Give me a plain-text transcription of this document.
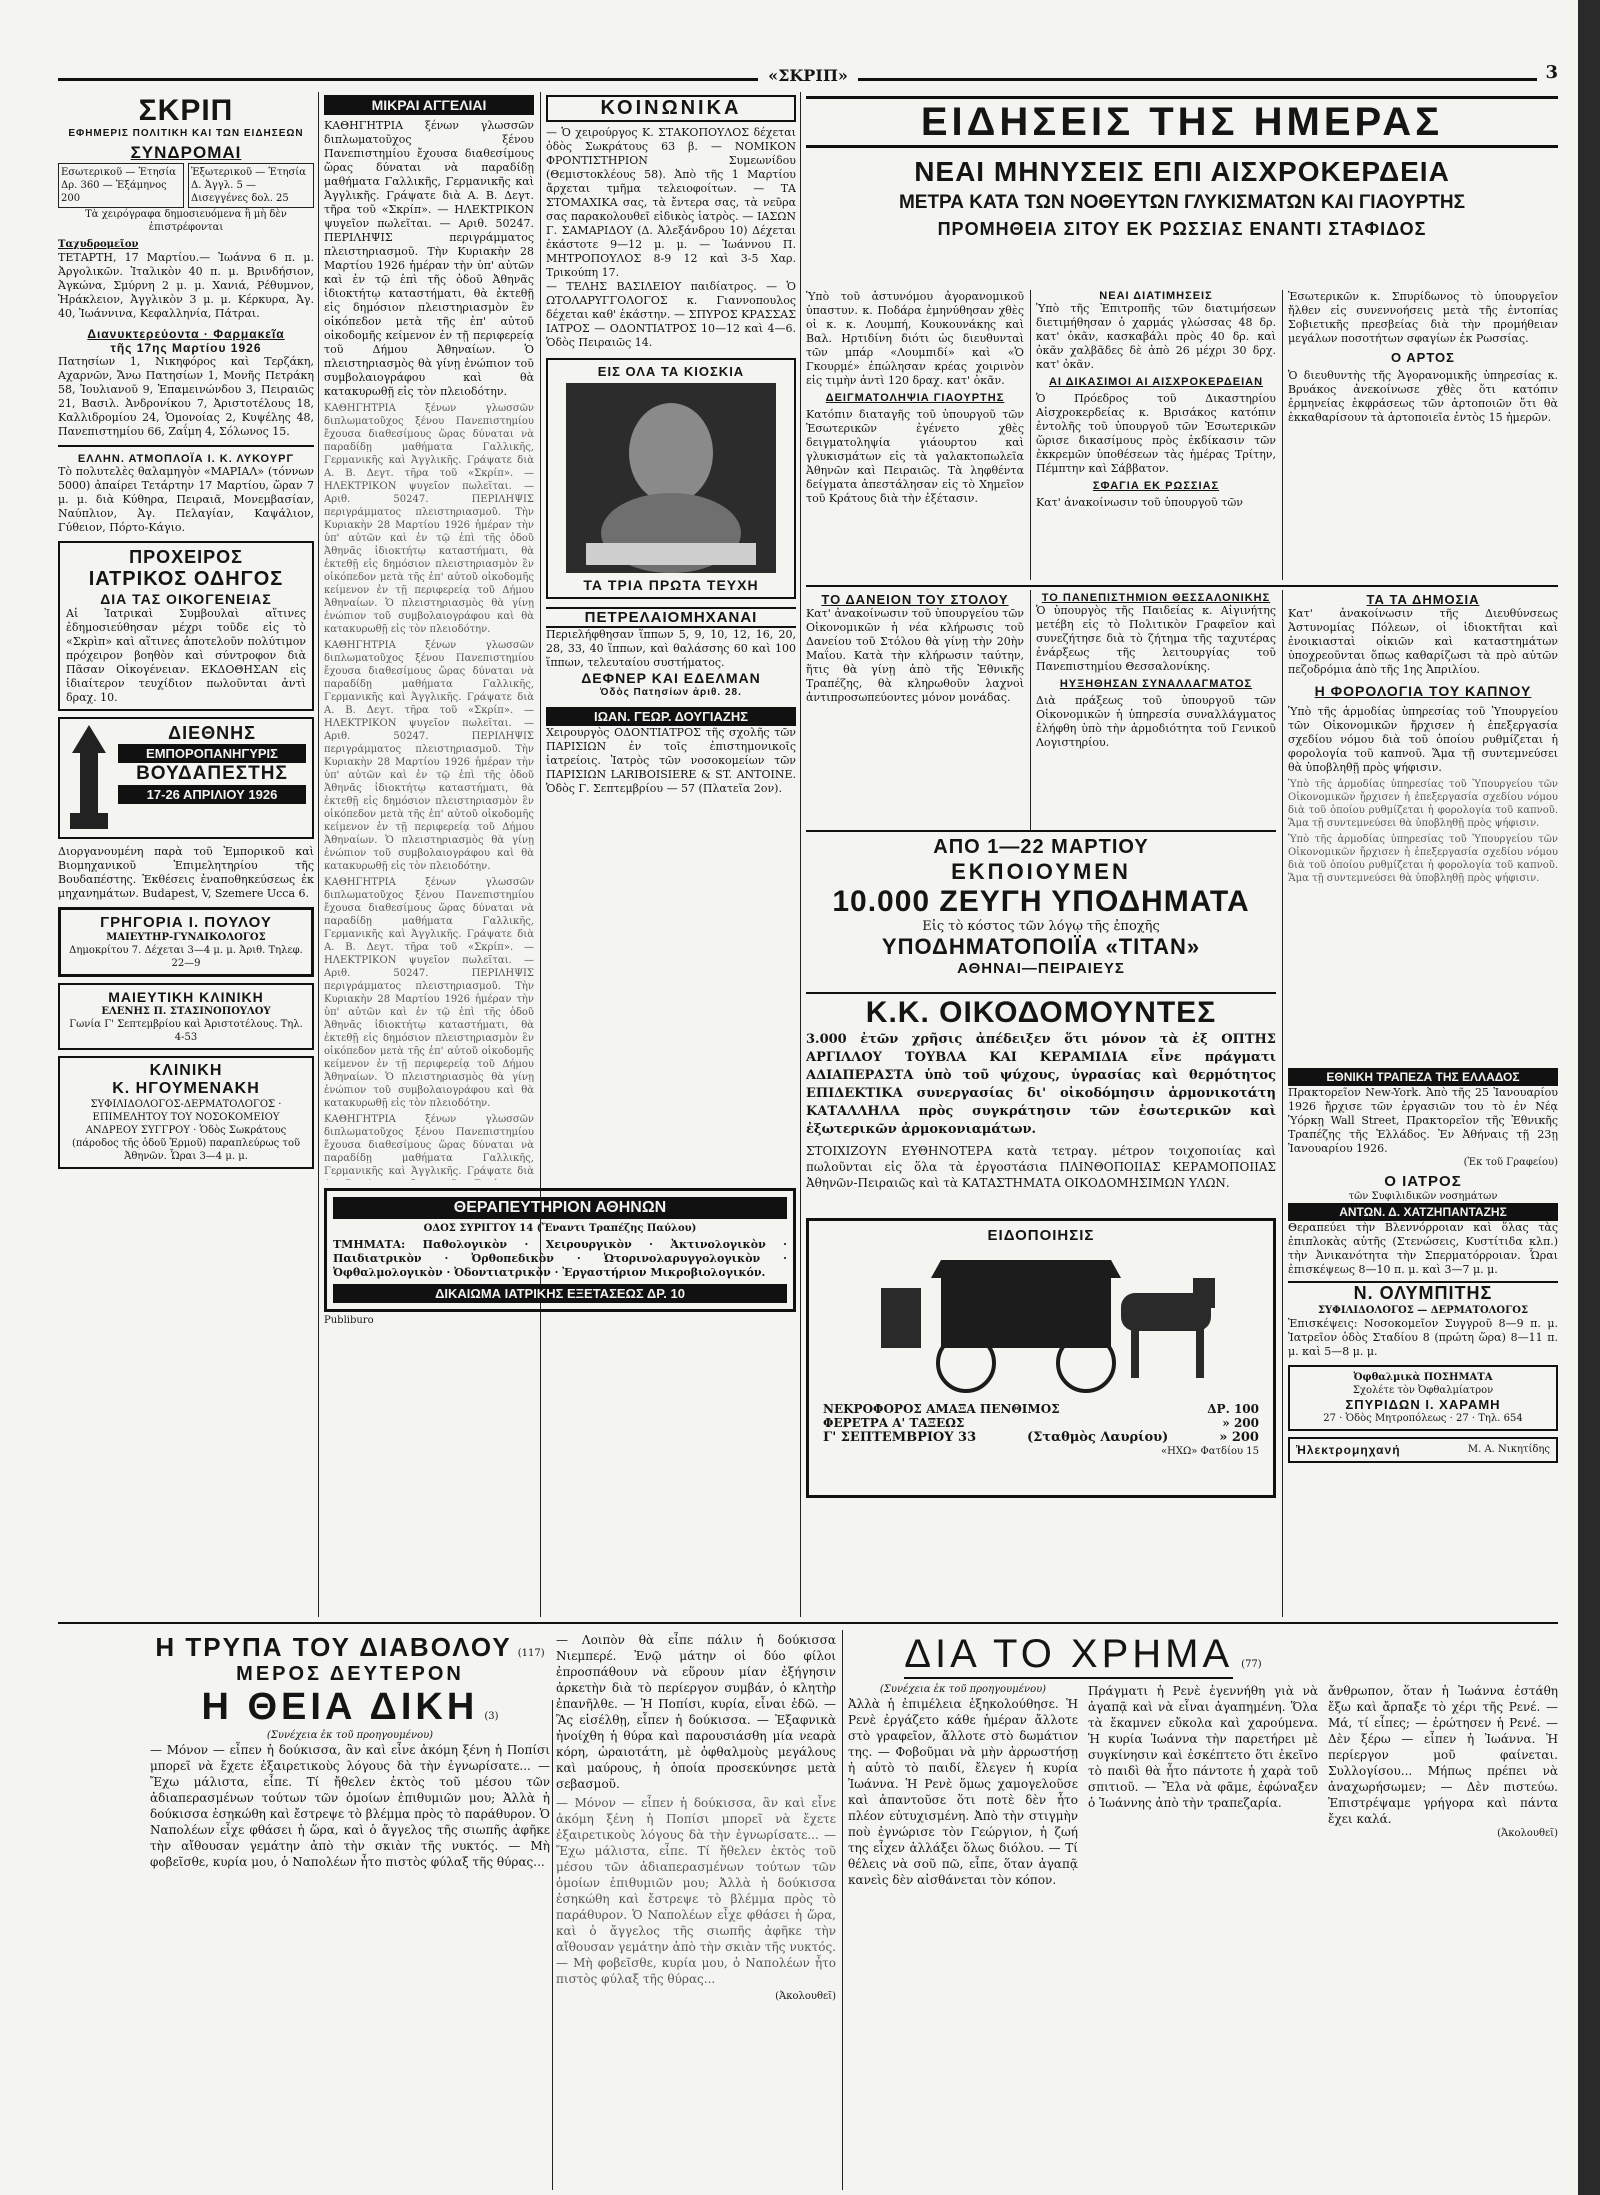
«ΣΚΡΙΠ»	3
ΣΚΡΙΠ
ΕΦΗΜΕΡΙΣ ΠΟΛΙΤΙΚΗ ΚΑΙ ΤΩΝ ΕΙΔΗΣΕΩΝ
ΣΥΝΔΡΟΜΑΙ
Εσωτερικοῦ — Ἐτησία Δρ. 360 — Ἑξάμηνος 200
Ἐξωτερικοῦ — Ἐτησία Δ. Ἀγγλ. 5 — Δισεγγένες δολ. 25
Τὰ χειρόγραφα δημοσιευόμενα ἢ μὴ δὲν ἐπιστρέφονται
Ταχυδρομεῖον
ΤΕΤΑΡΤΗ, 17 Μαρτίου.— Ἰωάννα 6 π. μ. Ἀργολικῶν. Ἰταλικὸν 40 π. μ. Βρινδήσιον, Ἀγκώνα, Σμύρνη 2 μ. μ. Χανιά, Ρέθυμνον, Ἡράκλειον, Ἀγγλικὸν 3 μ. μ. Κέρκυρα, Ἀγ. 40, Ἰωάννινα, Κεφαλληνία, Πάτραι.
Διανυκτερεύοντα · Φαρμακεῖα
τῆς 17ης Μαρτίου 1926
Πατησίων 1, Νικηφόρος καὶ Τερζάκη, Αχαρνῶν, Ἄνω Πατησίων 1, Μονῆς Πετράκη 58, Ἰουλιανοῦ 9, Ἐπαμεινώνδου 3, Πειραιῶς 21, Βασιλ. Ἀνδρονίκου 7, Ἀριστοτέλους 18, Καλλιδρομίου 24, Ὁμονοίας 2, Κυψέλης 48, Πανεπιστημίου 66, Ζαΐμη 4, Σόλωνος 15.
ΕΛΛΗΝ. ΑΤΜΟΠΛΟΪΑ Ι. Κ. ΛΥΚΟΥΡΓ
Τὸ πολυτελὲς θαλαμηγὸν «ΜΑΡΙΑΛ» (τόννων 5000) ἀπαίρει Τετάρτην 17 Μαρτίου, ὥραν 7 μ. μ. διὰ Κύθηρα, Πειραιᾶ, Μονεμβασίαν, Ναύπλιον, Ἀγ. Πελαγίαν, Καψάλιον, Γύθειον, Πόρτο-Κάγιο.
ΠΡΟΧΕΙΡΟΣ
ΙΑΤΡΙΚΟΣ ΟΔΗΓΟΣ
ΔΙΑ ΤΑΣ ΟΙΚΟΓΕΝΕΙΑΣ
Αἱ Ἰατρικαὶ Συμβουλαὶ αἵτινες ἐδημοσιεύθησαν μέχρι τοῦδε εἰς τὸ «Σκρὶπ» καὶ αἵτινες ἀποτελοῦν πολύτιμον πρόχειρον βοηθὸν καὶ σύντροφον διὰ Πᾶσαν Οἰκογένειαν. ΕΚΔΟΘΗΣΑΝ εἰς ἰδιαίτερον τευχίδιον πωλοῦνται ἀντὶ δραχ. 10.
ΔΙΕΘΝΗΣ
ΕΜΠΟΡΟΠΑΝΗΓΥΡΙΣ
ΒΟΥΔΑΠΕΣΤΗΣ
17-26 ΑΠΡΙΛΙΟΥ 1926
Διοργανουμένη παρὰ τοῦ Ἐμπορικοῦ καὶ Βιομηχανικοῦ Ἐπιμελητηρίου τῆς Βουδαπέστης. Ἐκθέσεις ἐναποθηκεύσεως ἐκ μηχανημάτων. Budapest, V, Szemere Ucca 6.
ΓΡΗΓΟΡΙΑ Ι. ΠΟΥΛΟΥ
ΜΑΙΕΥΤΗΡ-ΓΥΝΑΙΚΟΛΟΓΟΣ
Δημοκρίτου 7. Δέχεται 3—4 μ. μ. Ἀριθ. Τηλεφ. 22—9
ΜΑΙΕΥΤΙΚΗ ΚΛΙΝΙΚΗ
ΕΛΕΝΗΣ Π. ΣΤΑΣΙΝΟΠΟΥΛΟΥ
Γωνία Γ' Σεπτεμβρίου καὶ Ἀριστοτέλους. Τηλ. 4-53
ΚΛΙΝΙΚΗ
Κ. ΗΓΟΥΜΕΝΑΚΗ
ΣΥΦΙΛΙΔΟΛΟΓΟΣ-ΔΕΡΜΑΤΟΛΟΓΟΣ · ΕΠΙΜΕΛΗΤΟΥ ΤΟΥ ΝΟΣΟΚΟΜΕΙΟΥ ΑΝΔΡΕΟΥ ΣΥΓΓΡΟΥ · Ὁδὸς Σωκράτους (πάροδος τῆς ὁδοῦ Ἑρμοῦ) παραπλεύρως τοῦ Ἀθηνῶν. Ὧραι 3—4 μ. μ.
ΜΙΚΡΑΙ ΑΓΓΕΛΙΑΙ
ΚΑΘΗΓΗΤΡΙΑ ξένων γλωσσῶν διπλωματοῦχος ξένου Πανεπιστημίου ἔχουσα διαθεσίμους ὥρας δύναται νὰ παραδίδῃ μαθήματα Γαλλικῆς, Γερμανικῆς καὶ Ἀγγλικῆς. Γράψατε διὰ Α. Β. Δεγτ. τῆρα τοῦ «Σκρίπ». — ΗΛΕΚΤΡΙΚΟΝ ψυγεῖον πωλεῖται. — Αριθ. 50247. ΠΕΡΙΛΗΨΙΣ περιγράμματος πλειστηριασμοῦ. Τὴν Κυριακὴν 28 Μαρτίου 1926 ἡμέραν τὴν ὑπ' αὐτῶν καὶ ἐν τῷ ἐπὶ τῆς ὁδοῦ Ἀθηνᾶς ἰδιοκτήτῳ καταστήματι, θὰ ἐκτεθῇ εἰς δημόσιον πλειστηριασμὸν ἓν οἰκόπεδον μετὰ τῆς ἐπ' αὐτοῦ οἰκοδομῆς κείμενον ἐν τῇ περιφερείᾳ τοῦ Δήμου Ἀθηναίων. Ὁ πλειστηριασμὸς θὰ γίνῃ ἐνώπιον τοῦ συμβολαιογράφου καὶ θὰ κατακυρωθῇ εἰς τὸν πλειοδότην.

ΚΑΘΗΓΗΤΡΙΑ ξένων γλωσσῶν διπλωματοῦχος ξένου Πανεπιστημίου ἔχουσα διαθεσίμους ὥρας δύναται νὰ παραδίδῃ μαθήματα Γαλλικῆς, Γερμανικῆς καὶ Ἀγγλικῆς. Γράψατε διὰ Α. Β. Δεγτ. τῆρα τοῦ «Σκρίπ». — ΗΛΕΚΤΡΙΚΟΝ ψυγεῖον πωλεῖται. — Αριθ. 50247. ΠΕΡΙΛΗΨΙΣ περιγράμματος πλειστηριασμοῦ. Τὴν Κυριακὴν 28 Μαρτίου 1926 ἡμέραν τὴν ὑπ' αὐτῶν καὶ ἐν τῷ ἐπὶ τῆς ὁδοῦ Ἀθηνᾶς ἰδιοκτήτῳ καταστήματι, θὰ ἐκτεθῇ εἰς δημόσιον πλειστηριασμὸν ἓν οἰκόπεδον μετὰ τῆς ἐπ' αὐτοῦ οἰκοδομῆς κείμενον ἐν τῇ περιφερείᾳ τοῦ Δήμου Ἀθηναίων. Ὁ πλειστηριασμὸς θὰ γίνῃ ἐνώπιον τοῦ συμβολαιογράφου καὶ θὰ κατακυρωθῇ εἰς τὸν πλειοδότην.

ΚΑΘΗΓΗΤΡΙΑ ξένων γλωσσῶν διπλωματοῦχος ξένου Πανεπιστημίου ἔχουσα διαθεσίμους ὥρας δύναται νὰ παραδίδῃ μαθήματα Γαλλικῆς, Γερμανικῆς καὶ Ἀγγλικῆς. Γράψατε διὰ Α. Β. Δεγτ. τῆρα τοῦ «Σκρίπ». — ΗΛΕΚΤΡΙΚΟΝ ψυγεῖον πωλεῖται. — Αριθ. 50247. ΠΕΡΙΛΗΨΙΣ περιγράμματος πλειστηριασμοῦ. Τὴν Κυριακὴν 28 Μαρτίου 1926 ἡμέραν τὴν ὑπ' αὐτῶν καὶ ἐν τῷ ἐπὶ τῆς ὁδοῦ Ἀθηνᾶς ἰδιοκτήτῳ καταστήματι, θὰ ἐκτεθῇ εἰς δημόσιον πλειστηριασμὸν ἓν οἰκόπεδον μετὰ τῆς ἐπ' αὐτοῦ οἰκοδομῆς κείμενον ἐν τῇ περιφερείᾳ τοῦ Δήμου Ἀθηναίων. Ὁ πλειστηριασμὸς θὰ γίνῃ ἐνώπιον τοῦ συμβολαιογράφου καὶ θὰ κατακυρωθῇ εἰς τὸν πλειοδότην.

ΚΑΘΗΓΗΤΡΙΑ ξένων γλωσσῶν διπλωματοῦχος ξένου Πανεπιστημίου ἔχουσα διαθεσίμους ὥρας δύναται νὰ παραδίδῃ μαθήματα Γαλλικῆς, Γερμανικῆς καὶ Ἀγγλικῆς. Γράψατε διὰ Α. Β. Δεγτ. τῆρα τοῦ «Σκρίπ». — ΗΛΕΚΤΡΙΚΟΝ ψυγεῖον πωλεῖται. — Αριθ. 50247. ΠΕΡΙΛΗΨΙΣ περιγράμματος πλειστηριασμοῦ. Τὴν Κυριακὴν 28 Μαρτίου 1926 ἡμέραν τὴν ὑπ' αὐτῶν καὶ ἐν τῷ ἐπὶ τῆς ὁδοῦ Ἀθηνᾶς ἰδιοκτήτῳ καταστήματι, θὰ ἐκτεθῇ εἰς δημόσιον πλειστηριασμὸν ἓν οἰκόπεδον μετὰ τῆς ἐπ' αὐτοῦ οἰκοδομῆς κείμενον ἐν τῇ περιφερείᾳ τοῦ Δήμου Ἀθηναίων. Ὁ πλειστηριασμὸς θὰ γίνῃ ἐνώπιον τοῦ συμβολαιογράφου καὶ θὰ κατακυρωθῇ εἰς τὸν πλειοδότην.

ΚΑΘΗΓΗΤΡΙΑ ξένων γλωσσῶν διπλωματοῦχος ξένου Πανεπιστημίου ἔχουσα διαθεσίμους ὥρας δύναται νὰ παραδίδῃ μαθήματα Γαλλικῆς, Γερμανικῆς καὶ Ἀγγλικῆς. Γράψατε διὰ

ΚΟΙΝΩΝΙΚΑ
— Ὁ χειρούργος Κ. ΣΤΑΚΟΠΟΥΛΟΣ δέχεται ὁδὸς Σωκράτους 63 β. — ΝΟΜΙΚΟΝ ΦΡΟΝΤΙΣΤΗΡΙΟΝ Συμεωνίδου (Θεμιστοκλέους 58). Ἀπὸ τῆς 1 Μαρτίου ἄρχεται τμῆμα τελειοφοίτων. — ΤΑ ΣΤΟΜΑΧΙΚΑ σας, τὰ ἔντερα σας, τὰ νεῦρα σας παρακολουθεῖ εἰδικὸς ἰατρὸς. — ΙΑΣΩΝ Γ. ΣΑΜΑΡΙΔΟΥ (Δ. Ἀλεξάνδρου 10) Δέχεται ἑκάστοτε 9—12 μ. μ. — Ἰωάννου Π. ΜΗΤΡΟΠΟΥΛΟΣ 8-9 12 καὶ 3-5 Χαρ. Τρικούπη 17.
— ΤΕΛΗΣ ΒΑΣΙΛΕΙΟΥ παιδίατρος. — Ὁ ΩΤΟΛΑΡΥΓΓΟΛΟΓΟΣ κ. Γιαννοπουλος δέχεται καθ' ἑκάστην. — ΣΠΥΡΟΣ ΚΡΑΣΣΑΣ ΙΑΤΡΟΣ — ΟΔΟΝΤΙΑΤΡΟΣ 10—12 καὶ 4—6. Ὁδὸς Πειραιῶς 14.
ΕΙΣ ΟΛΑ ΤΑ ΚΙΟΣΚΙΑ
ΤΑ ΤΡΙΑ ΠΡΩΤΑ ΤΕΥΧΗ
ΠΕΤΡΕΛΑΙΟΜΗΧΑΝΑΙ
Περιελήφθησαν ἵππων 5, 9, 10, 12, 16, 20, 28, 33, 40 ἵππων, καὶ θαλάσσης 60 καὶ 100 ἵππων, τελευταίου συστήματος.
ΔΕΦΝΕΡ ΚΑΙ ΕΔΕΛΜΑΝ
Ὁδὸς Πατησίων ἀριθ. 28.
ΙΩΑΝ. ΓΕΩΡ. ΔΟΥΓΙΑΖΗΣ
Χειρουργὸς ΟΔΟΝΤΙΑΤΡΟΣ τῆς σχολῆς τῶν ΠΑΡΙΣΙΩΝ ἐν τοῖς ἐπιστημονικοῖς ἰατρείοις. Ἰατρὸς τῶν νοσοκομείων τῶν ΠΑΡΙΣΙΩΝ LARIBOISIERE & ST. ANTOINE. Ὁδὸς Γ. Σεπτεμβρίου — 57 (Πλατεῖα 2ον).
ΕΙΔΗΣΕΙΣ ΤΗΣ ΗΜΕΡΑΣ
ΝΕΑΙ ΜΗΝΥΣΕΙΣ ΕΠΙ ΑΙΣΧΡΟΚΕΡΔΕΙΑ
ΜΕΤΡΑ ΚΑΤΑ ΤΩΝ ΝΟΘΕΥΤΩΝ ΓΛΥΚΙΣΜΑΤΩΝ ΚΑΙ ΓΙΑΟΥΡΤΗΣ
ΠΡΟΜΗΘΕΙΑ ΣΙΤΟΥ ΕΚ ΡΩΣΣΙΑΣ ΕΝΑΝΤΙ ΣΤΑΦΙΔΟΣ
Ὑπὸ τοῦ ἀστυνόμου ἀγορανομικοῦ ὑπαστυν. κ. Ποδάρα ἐμηνύθησαν χθὲς οἱ κ. κ. Λουμπή, Κουκουνάκης καὶ Βαλ. Ηρτιδίνη διότι ὡς διευθυνταὶ τῶν μπάρ «Λουμπιδί» καὶ «Ὁ Γκουρμέ» ἐπώλησαν κρέας χοιρινὸν εἰς τιμὴν ἀντὶ 120 δραχ. κατ' ὀκᾶν.
ΔΕΙΓΜΑΤΟΛΗΨΙΑ ΓΙΑΟΥΡΤΗΣ
Κατόπιν διαταγῆς τοῦ ὑπουργοῦ τῶν Ἐσωτερικῶν ἐγένετο χθὲς δειγματοληψία γιάουρτου καὶ γλυκισμάτων εἰς τὰ γαλακτοπωλεῖα Ἀθηνῶν καὶ Πειραιῶς. Τὰ ληφθέντα δείγματα ἀπεστάλησαν εἰς τὸ Χημεῖον τοῦ Κράτους διὰ τὴν ἐξέτασιν.
ΝΕΑΙ ΔΙΑΤΙΜΗΣΕΙΣ
Ὑπὸ τῆς Ἐπιτροπῆς τῶν διατιμήσεων διετιμήθησαν ὁ χαρμάς γλώσσας 48 δρ. κατ' ὀκᾶν, κασκαβάλι πρὸς 40 δρ. καὶ ὀκᾶν χαλβᾶδες δὲ ἀπὸ 26 μέχρι 30 δρχ. κατ' ὀκᾶν.
ΑΙ ΔΙΚΑΣΙΜΟΙ ΑΙ ΑΙΣΧΡΟΚΕΡΔΕΙΑΝ
Ὁ Πρόεδρος τοῦ Δικαστηρίου Αἰσχροκερδείας κ. Βρισάκος κατόπιν ἐντολῆς τοῦ ὑπουργοῦ τῶν Ἐσωτερικῶν ὥρισε δικασίμους πρὸς ἐκδίκασιν τῶν ἐκκρεμῶν ὑποθέσεων τὰς ἡμέρας Τρίτην, Πέμπτην καὶ Σάββατον.
ΣΦΑΓΙΑ ΕΚ ΡΩΣΣΙΑΣ
Κατ' ἀνακοίνωσιν τοῦ ὑπουργοῦ τῶν
Ἐσωτερικῶν κ. Σπυρίδωνος τὸ ὑπουργεῖον ἤλθεν εἰς συνεννοήσεις μετὰ τῆς ἐντοπίας Σοβιετικῆς πρεσβείας διὰ τὴν προμήθειαν μεγάλων ποσοτήτων σφαγίων ἐκ Ρωσσίας.
Ο ΑΡΤΟΣ
Ὁ διευθυντὴς τῆς Ἀγορανομικῆς ὑπηρεσίας κ. Βρυάκος ἀνεκοίνωσε χθὲς ὅτι κατόπιν ἐρμηνείας ἐκφράσεως τῶν ἀρτοποιῶν ὅτι θὰ ἐκκαθαρίσουν τὰ ἀρτοποιεῖα ἐντὸς 15 ἡμερῶν.
ΤΟ ΔΑΝΕΙΟΝ ΤΟΥ ΣΤΟΛΟΥ
Κατ' ἀνακοίνωσιν τοῦ ὑπουργείου τῶν Οἰκονομικῶν ἡ νέα κλήρωσις τοῦ Δανείου τοῦ Στόλου θὰ γίνῃ τὴν 20ὴν Μαΐου. Κατὰ τὴν κλήρωσιν ταύτην, ἥτις θὰ γίνῃ ἀπὸ τῆς Ἐθνικῆς Τραπέζης, θὰ κληρωθοῦν λαχνοὶ ἀντιπροσωπεύοντες μόνον μονάδας.
ΤΟ ΠΑΝΕΠΙΣΤΗΜΙΟΝ ΘΕΣΣΑΛΟΝΙΚΗΣ
Ὁ ὑπουργὸς τῆς Παιδείας κ. Αἰγινήτης μετέβη εἰς τὸ Πολιτικὸν Γραφεῖον καὶ συνεζήτησε διὰ τὸ ζήτημα τῆς ταχυτέρας ἐνάρξεως τῆς λειτουργίας τοῦ Πανεπιστημίου Θεσσαλονίκης.
ΗΥΞΗΘΗΣΑΝ ΣΥΝΑΛΛΑΓΜΑΤΟΣ
Διὰ πράξεως τοῦ ὑπουργοῦ τῶν Οἰκονομικῶν ἡ ὑπηρεσία συναλλάγματος ἐλήφθη ὑπὸ τὴν ἁρμοδιότητα τοῦ Γενικοῦ Λογιστηρίου.
ΤΑ ΤΑ ΔΗΜΟΣΙΑ
Κατ' ἀνακοίνωσιν τῆς Διευθύνσεως Ἀστυνομίας Πόλεων, οἱ ἰδιοκτῆται καὶ ἐνοικιασταὶ οἰκιῶν καὶ καταστημάτων ὑποχρεοῦνται ὅπως καθαρίζωσι τὰ πρὸ αὐτῶν πεζοδρόμια ἀπὸ τῆς 1ης Ἀπριλίου.
Η ΦΟΡΟΛΟΓΙΑ ΤΟΥ ΚΑΠΝΟΥ
Ὑπὸ τῆς ἁρμοδίας ὑπηρεσίας τοῦ Ὑπουργείου τῶν Οἰκονομικῶν ἤρχισεν ἡ ἐπεξεργασία σχεδίου νόμου διὰ τοῦ ὁποίου ρυθμίζεται ἡ φορολογία τοῦ καπνοῦ. Ἅμα τῇ συντεμνεύσει θὰ ὑποβληθῇ πρὸς ψήφισιν.

Ὑπὸ τῆς ἁρμοδίας ὑπηρεσίας τοῦ Ὑπουργείου τῶν Οἰκονομικῶν ἤρχισεν ἡ ἐπεξεργασία σχεδίου νόμου διὰ τοῦ ὁποίου ρυθμίζεται ἡ φορολογία τοῦ καπνοῦ. Ἅμα τῇ συντεμνεύσει θὰ ὑποβληθῇ πρὸς ψήφισιν.

Ὑπὸ τῆς ἁρμοδίας ὑπηρεσίας τοῦ Ὑπουργείου τῶν Οἰκονομικῶν ἤρχισεν ἡ ἐπεξεργασία σχεδίου νόμου διὰ τοῦ ὁποίου ρυθμίζεται ἡ φορολογία τοῦ καπνοῦ. Ἅμα τῇ συντεμνεύσει θὰ ὑποβληθῇ πρὸς ψήφισιν.

ΑΠΟ 1—22 ΜΑΡΤΙΟΥ
ΕΚΠΟΙΟΥΜΕΝ
10.000 ΖΕΥΓΗ ΥΠΟΔΗΜΑΤΑ
Εἰς τὸ κόστος τῶν λόγῳ τῆς ἐποχῆς
ΥΠΟΔΗΜΑΤΟΠΟΙΪΑ «TITAN»
ΑΘΗΝΑΙ—ΠΕΙΡΑΙΕΥΣ
Κ.Κ. ΟΙΚΟΔΟΜΟΥΝΤΕΣ
3.000 ἐτῶν χρῆσις ἀπέδειξεν ὅτι μόνον τὰ ἐξ ΟΠΤΗΣ ΑΡΓΙΛΛΟΥ ΤΟΥΒΛΑ ΚΑΙ ΚΕΡΑΜΙΔΙΑ εἶνε πράγματι ΑΔΙΑΠΕΡΑΣΤΑ ὑπὸ τοῦ ψύχους, ὑγρασίας καὶ θερμότητος ΕΠΙΔΕΚΤΙΚΑ συνεργασίας δι' οἰκοδόμησιν ἁρμονικοτάτη ΚΑΤΑΛΛΗΛΑ πρὸς συγκράτησιν τῶν ἐσωτερικῶν καὶ ἐξωτερικῶν ἀρμοκονιαμάτων.
ΣΤΟΙΧΙΖΟΥΝ ΕΥΘΗΝΟΤΕΡΑ κατὰ τετραγ. μέτρον τοιχοποιίας καὶ πωλοῦνται εἰς ὅλα τὰ ἐργοστάσια ΠΛΙΝΘΟΠΟΙΙΑΣ ΚΕΡΑΜΟΠΟΙΙΑΣ Ἀθηνῶν-Πειραιῶς καὶ τὰ ΚΑΤΑΣΤΗΜΑΤΑ ΟΙΚΟΔΟΜΗΣΙΜΩΝ ΥΛΩΝ.
ΕΙΔΟΠΟΙΗΣΙΣ
ΝΕΚΡΟΦΟΡΟΣ ΑΜΑΞΑ ΠΕΝΘΙΜΟΣ	ΔΡ. 100
ΦΕΡΕΤΡΑ Α' ΤΑΞΕΩΣ	» 200
Γ' ΣΕΠΤΕΜΒΡΙΟΥ 33	(Σταθμὸς Λαυρίου)	» 200
«ΗΧΩ» Φατδίου 15
ΘΕΡΑΠΕΥΤΗΡΙΟΝ ΑΘΗΝΩΝ
ΟΔΟΣ ΣΥΡΙΓΓΟΥ 14 (Ἔναντι Τραπέζης Παύλου)
ΤΜΗΜΑΤΑ: Παθολογικὸν · Χειρουργικὸν · Ἀκτινολογικὸν · Παιδιατρικὸν · Ὀρθοπεδικὸν · Ὠτορινολαρυγγολογικὸν · Ὀφθαλμολογικὸν · Ὀδοντιατρικὸν · Ἐργαστήριον Μικροβιολογικόν.
ΔΙΚΑΙΩΜΑ ΙΑΤΡΙΚΗΣ ΕΞΕΤΑΣΕΩΣ ΔΡ. 10
Publiburo
ΕΘΝΙΚΗ ΤΡΑΠΕΖΑ ΤΗΣ ΕΛΛΑΔΟΣ
Πρακτορεῖον New-York. Ἀπὸ τῆς 25 Ἰανουαρίου 1926 ἤρχισε τῶν ἐργασιῶν του τὸ ἐν Νέᾳ Ὑόρκῃ Wall Street, Πρακτορεῖον τῆς Ἐθνικῆς Τραπέζης τῆς Ἑλλάδος. Ἐν Ἀθήναις τῇ 23ῃ Ἰανουαρίου 1926.
(Ἐκ τοῦ Γραφείου)
Ο ΙΑΤΡΟΣ
τῶν Συφιλιδικῶν νοσημάτων
ΑΝΤΩΝ. Δ. ΧΑΤΖΗΠΑΝΤΑΖΗΣ
Θεραπεύει τὴν Βλεννόρροιαν καὶ ὅλας τὰς ἐπιπλοκὰς αὐτῆς (Στενώσεις, Κυστίτιδα κλπ.) τὴν Ἀνικανότητα τὴν Σπερματόρροιαν. Ὧραι ἐπισκέψεως 8—10 π. μ. καὶ 3—7 μ. μ.
Ν. ΟΛΥΜΠΙΤΗΣ
ΣΥΦΙΛΙΔΟΛΟΓΟΣ — ΔΕΡΜΑΤΟΛΟΓΟΣ
Ἐπισκέψεις: Νοσοκομεῖον Συγγροῦ 8—9 π. μ. Ἰατρεῖον ὁδὸς Σταδίου 8 (πρώτη ὥρα) 8—11 π. μ. καὶ 5—8 μ. μ.
Ὀφθαλμικὰ ΠΟΣΗΜΑΤΑ
Σχολέτε τὸν Ὀφθαλμίατρον
ΣΠΥΡΙΔΩΝ Ι. ΧΑΡΑΜΗ
27 · Ὁδὸς Μητροπόλεως · 27 · Τηλ. 654
Ἠλεκτρομηχανή	Μ. Α. Νικητίδης
Η ΤΡΥΠΑ ΤΟΥ ΔΙΑΒΟΛΟΥ (117)
ΜΕΡΟΣ ΔΕΥΤΕΡΟΝ
Η ΘΕΙΑ ΔΙΚΗ (3)
(Συνέχεια ἐκ τοῦ προηγουμένου)
— Μόνον — εἶπεν ἡ δούκισσα, ἂν καὶ εἶνε ἀκόμη ξένη ἡ Ποπίσι μπορεῖ νὰ ἔχετε ἐξαιρετικοὺς λόγους δὰ τὴν ἐγνωρίσατε... — Ἔχω μάλιστα, εἶπε. Τί ἤθελεν ἐκτὸς τοῦ μέσου τῶν ἀδιαπερασμένων τούτων τῶν ὁμοίων ἐπιθυμιῶν μου; Ἀλλὰ ἡ δούκισσα ἐσηκώθη καὶ ἔστρεψε τὸ βλέμμα πρὸς τὸ παράθυρον. Ὁ Ναπολέων εἶχε φθάσει ἡ ὥρα, καὶ ὁ ἄγγελος τῆς σιωπῆς ἀφῆκε τὴν αἴθουσαν γεμάτην ἀπὸ τὴν σκιὰν τῆς νυκτός. — Μὴ φοβεῖσθε, κυρία μου, ὁ Ναπολέων ἦτο πιστὸς φύλαξ τῆς θύρας...
— Λοιπὸν θὰ εἶπε πάλιν ἡ δούκισσα Νιεμπερέ. Ἐνῷ μάτην οἱ δύο φίλοι ἐπροσπάθουν νὰ εὕρουν μίαν ἐξήγησιν ἀρκετὴν διὰ τὸ περίεργον συμβάν, ὁ κλητὴρ ἐπανῆλθε. — Ἡ Ποπίσι, κυρία, εἶναι ἐδῶ. — Ἂς εἰσέλθῃ, εἶπεν ἡ δούκισσα. — Ἐξαφνικὰ ἠνοίχθη ἡ θύρα καὶ παρουσιάσθη μία νεαρὰ κόρη, ὡραιοτάτη, μὲ ὀφθαλμοὺς μεγάλους καὶ μαύρους, ἡ ὁποία προσεκύνησε μετὰ σεβασμοῦ.

— Μόνον — εἶπεν ἡ δούκισσα, ἂν καὶ εἶνε ἀκόμη ξένη ἡ Ποπίσι μπορεῖ νὰ ἔχετε ἐξαιρετικοὺς λόγους δὰ τὴν ἐγνωρίσατε... — Ἔχω μάλιστα, εἶπε. Τί ἤθελεν ἐκτὸς τοῦ μέσου τῶν ἀδιαπερασμένων τούτων τῶν ὁμοίων ἐπιθυμιῶν μου; Ἀλλὰ ἡ δούκισσα ἐσηκώθη καὶ ἔστρεψε τὸ βλέμμα πρὸς τὸ παράθυρον. Ὁ Ναπολέων εἶχε φθάσει ἡ ὥρα, καὶ ὁ ἄγγελος τῆς σιωπῆς ἀφῆκε τὴν αἴθουσαν γεμάτην ἀπὸ τὴν σκιὰν τῆς νυκτός. — Μὴ φοβεῖσθε, κυρία μου, ὁ Ναπολέων ἦτο πιστὸς φύλαξ τῆς θύρας...

(Ἀκολουθεῖ)
ΔΙΑ ΤΟ ΧΡΗΜΑ (77)
(Συνέχεια ἐκ τοῦ προηγουμένου)
Ἀλλὰ ἡ ἐπιμέλεια ἐξηκολούθησε. Ἡ Ρενὲ ἐργάζετο κάθε ἡμέραν ἄλλοτε στὸ γραφεῖον, ἄλλοτε στὸ δωμάτιον της. — Φοβοῦμαι νὰ μὴν ἀρρωστήσῃ ἡ αὐτὸ τὸ παιδί, ἔλεγεν ἡ κυρία Ἰωάννα. Ἡ Ρενὲ ὅμως χαμογελοῦσε καὶ ἀπαντοῦσε ὅτι ποτὲ δὲν ἦτο πλέον εὐτυχισμένη. Ἀπὸ τὴν στιγμὴν ποὺ ἐγνώρισε τὸν Γεώργιον, ἡ ζωή της εἶχεν ἀλλάξει ὅλως διόλου. — Τί θέλεις νὰ σοῦ πῶ, εἶπε, ὅταν ἀγαπᾷ κανεὶς δὲν αἰσθάνεται τὸν κόπον.
Πράγματι ἡ Ρενὲ ἐγεννήθη γιὰ νὰ ἀγαπᾷ καὶ νὰ εἶναι ἀγαπημένη. Ὅλα τὰ ἔκαμνεν εὔκολα καὶ χαρούμενα. Ἡ κυρία Ἰωάννα τὴν παρετήρει μὲ συγκίνησιν καὶ ἐσκέπτετο ὅτι ἐκεῖνο τὸ παιδὶ θὰ ἦτο πάντοτε ἡ χαρὰ τοῦ σπιτιοῦ. — Ἔλα νὰ φᾶμε, ἐφώναξεν ὁ Ἰωάννης ἀπὸ τὴν τραπεζαρία.
ἄνθρωπον, ὅταν ἡ Ἰωάννα ἐστάθη ἔξω καὶ ἄρπαξε τὸ χέρι τῆς Ρενέ. — Μά, τί εἶπες; — ἐρώτησεν ἡ Ρενέ. — Δὲν ξέρω — εἶπεν ἡ Ἰωάννα. Ἡ περίεργον μοῦ φαίνεται. Συλλογίσου... Μήπως πρέπει νὰ ἀναχωρήσωμεν; — Δὲν πιστεύω. Ἐπιστρέψαμε γρήγορα καὶ πάντα ἔχει καλά.
(Ἀκολουθεῖ)
